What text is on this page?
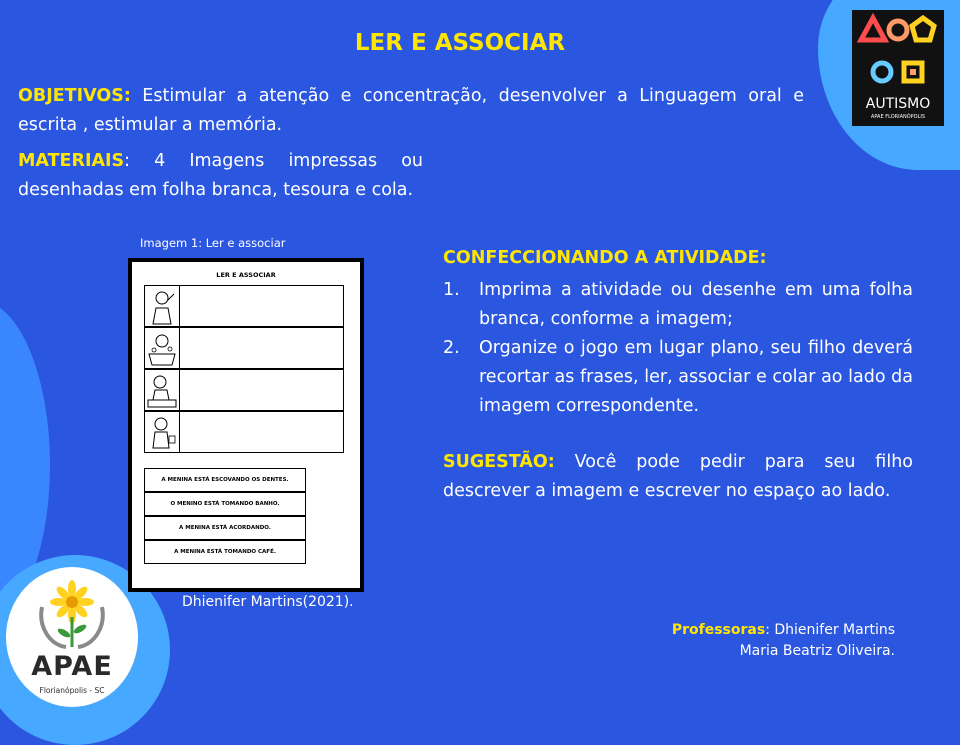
LER E ASSOCIAR
OBJETIVOS: Estimular a atenção e concentração, desenvolver a Linguagem oral e escrita , estimular a memória.
MATERIAIS: 4 Imagens impressas ou desenhadas em folha branca, tesoura e cola.
Imagem 1: Ler e associar
LER E ASSOCIAR
A MENINA ESTÁ ESCOVANDO OS DENTES.
O MENINO ESTÁ TOMANDO BANHO.
A MENINA ESTÁ ACORDANDO.
A MENINA ESTÁ TOMANDO CAFÉ.
Dhienifer Martins(2021).
CONFECCIONANDO A ATIVIDADE:
1. Imprima a atividade ou desenhe em uma folha branca, conforme a imagem;
2. Organize o jogo em lugar plano, seu filho deverá recortar as frases, ler, associar e colar ao lado da imagem correspondente.
SUGESTÃO: Você pode pedir para seu filho descrever a imagem e escrever no espaço ao lado.
Professoras: Dhienifer Martins
Maria Beatriz Oliveira.
AUTISMO
APAE FLORIANÓPOLIS
APAE
Florianópolis - SC
